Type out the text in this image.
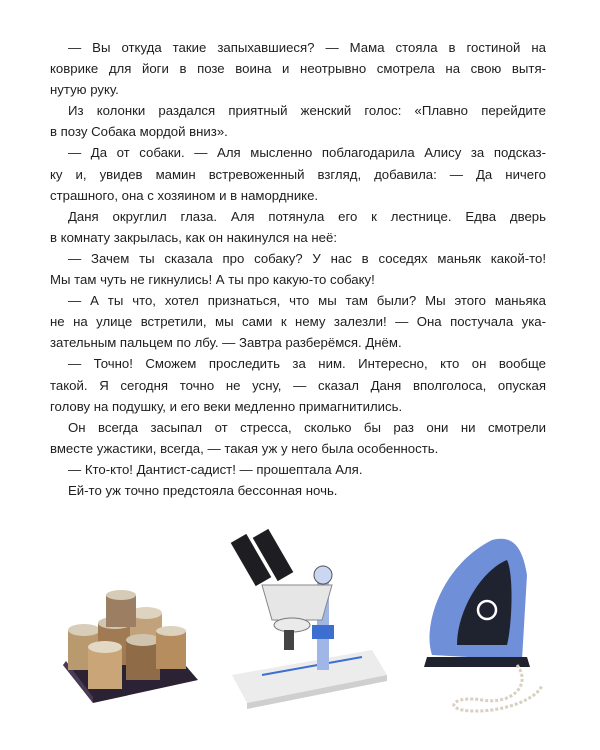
— Вы откуда такие запыхавшиеся? — Мама стояла в гостиной на
коврике для йоги в позе воина и неотрывно смотрела на свою вытя-
нутую руку.
Из колонки раздался приятный женский голос: «Плавно перейдите
в позу Собака мордой вниз».
— Да от собаки. — Аля мысленно поблагодарила Алису за подсказ-
ку и, увидев мамин встревоженный взгляд, добавила: — Да ничего
страшного, она с хозяином и в наморднике.
Даня округлил глаза. Аля потянула его к лестнице. Едва дверь
в комнату закрылась, как он накинулся на неё:
— Зачем ты сказала про собаку? У нас в соседях маньяк какой-то!
Мы там чуть не гикнулись! А ты про какую-то собаку!
— А ты что, хотел признаться, что мы там были? Мы этого маньяка
не на улице встретили, мы сами к нему залезли! — Она постучала ука-
зательным пальцем по лбу. — Завтра разберёмся. Днём.
— Точно! Сможем проследить за ним. Интересно, кто он вообще
такой. Я сегодня точно не усну, — сказал Даня вполголоса, опуская
голову на подушку, и его веки медленно примагнитились.
Он всегда засыпал от стресса, сколько бы раз они ни смотрели
вместе ужастики, всегда, — такая уж у него была особенность.
— Кто-кто! Дантист-садист! — прошептала Аля.
Ей-то уж точно предстояла бессонная ночь.
